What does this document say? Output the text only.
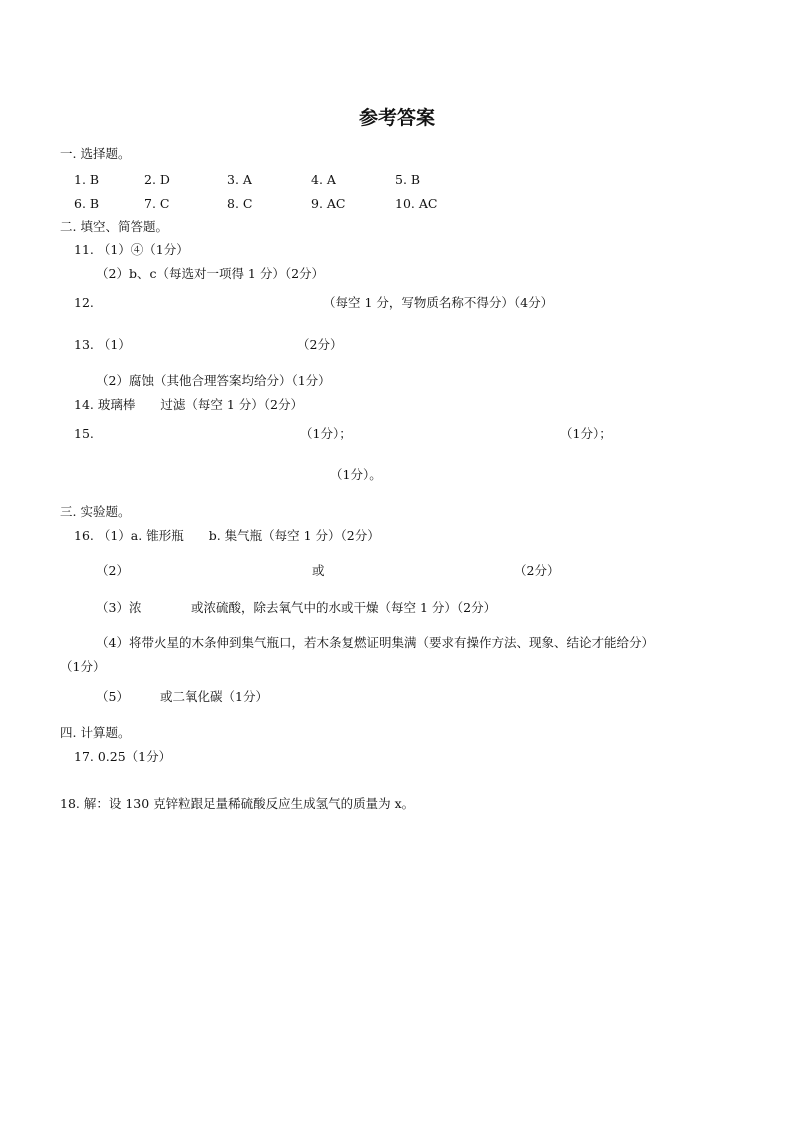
参考答案
一. 选择题。
1. B	2. D	3. A	4. A	5. B
6. B	7. C	8. C	9. AC	10. AC
二. 填空、简答题。
11. （1）④（1分）
（2）b、c（每选对一项得 1 分）（2分）
12.	（每空 1 分，写物质名称不得分）（4分）
13. （1）	（2分）
（2）腐蚀（其他合理答案均给分）（1分）
14. 玻璃棒　　过滤（每空 1 分）（2分）
15.	（1分）；	（1分）；
（1分）。
三. 实验题。
16. （1）a. 锥形瓶　　b. 集气瓶（每空 1 分）（2分）
（2）	或	（2分）
（3）浓	或浓硫酸，除去氧气中的水或干燥（每空 1 分）（2分）
（4）将带火星的木条伸到集气瓶口，若木条复燃证明集满（要求有操作方法、现象、结论才能给分）
（1分）
（5） 或二氧化碳（1分）
四. 计算题。
17. 0.25（1分）
18. 解：设 130 克锌粒跟足量稀硫酸反应生成氢气的质量为 x。
